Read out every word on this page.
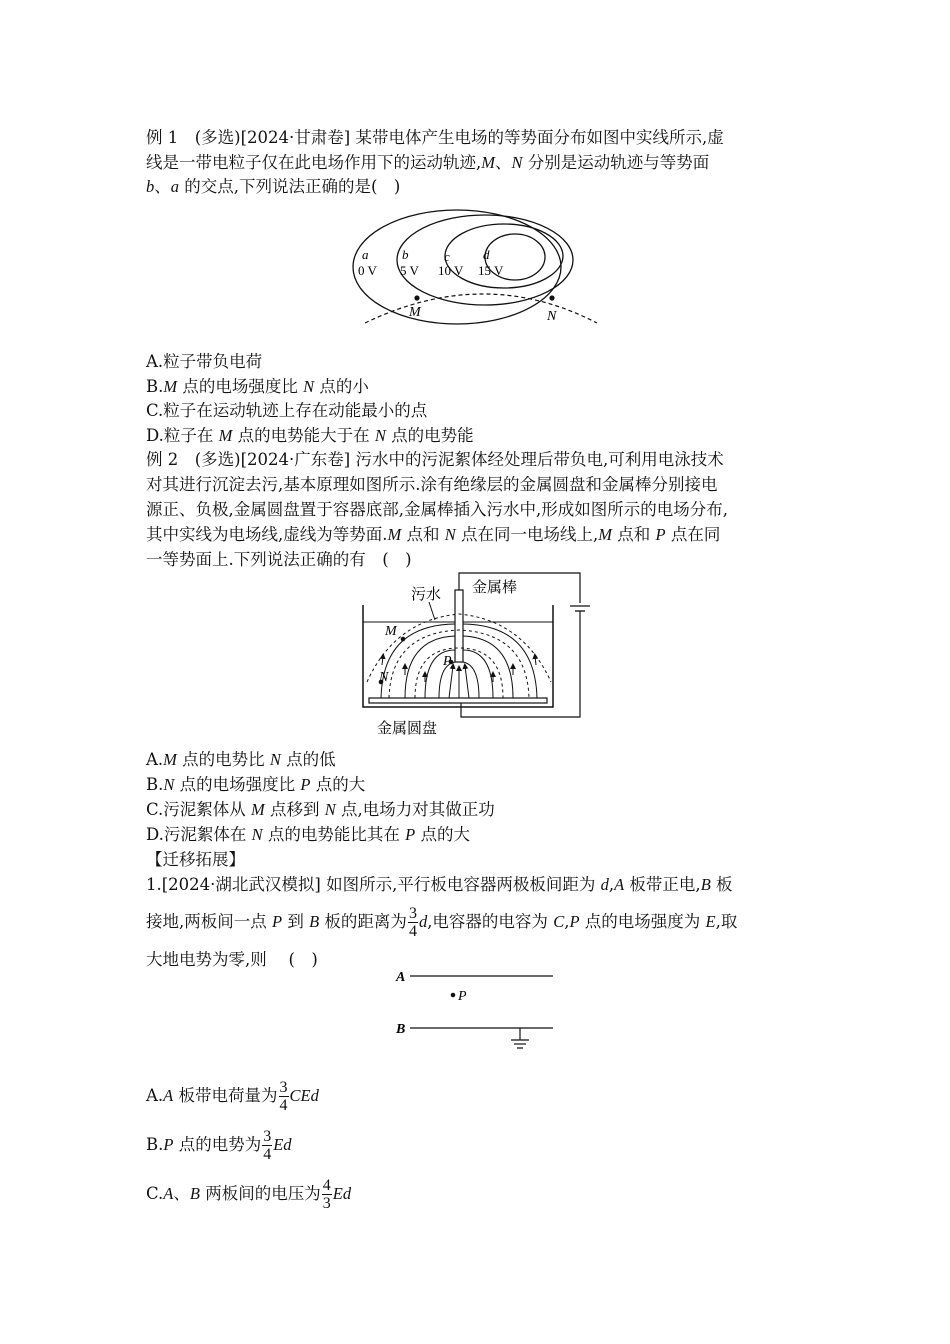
例 1　(多选)[2024·甘肃卷] 某带电体产生电场的等势面分布如图中实线所示,虚
线是一带电粒子仅在此电场作用下的运动轨迹,M、N 分别是运动轨迹与等势面
b、a 的交点,下列说法正确的是(　)
M	N
a
0 V
b
5 V
c
10 V
d
15 V
A.粒子带负电荷
B.M 点的电场强度比 N 点的小
C.粒子在运动轨迹上存在动能最小的点
D.粒子在 M 点的电势能大于在 N 点的电势能
例 2　(多选)[2024·广东卷] 污水中的污泥絮体经处理后带负电,可利用电泳技术
对其进行沉淀去污,基本原理如图所示.涂有绝缘层的金属圆盘和金属棒分别接电
源正、负极,金属圆盘置于容器底部,金属棒插入污水中,形成如图所示的电场分布,
其中实线为电场线,虚线为等势面.M 点和 N 点在同一电场线上,M 点和 P 点在同
一等势面上.下列说法正确的有　(　)
M
N
P
金属棒
污水
金属圆盘
A.M 点的电势比 N 点的低
B.N 点的电场强度比 P 点的大
C.污泥絮体从 M 点移到 N 点,电场力对其做正功
D.污泥絮体在 N 点的电势能比其在 P 点的大
【迁移拓展】
1.[2024·湖北武汉模拟] 如图所示,平行板电容器两极板间距为 d,A 板带正电,B 板
接地,两板间一点 P 到 B 板的距离为 $\frac{3}{4} d$,电容器的电容为 C,P 点的电场强度为 E,取
大地电势为零,则　 (　)
A
P
B
A.A 板带电荷量为 $\frac{3}{4}$ CEd
B.P 点的电势为 $\frac{3}{4}$ Ed
C.A、B 两板间的电压为 $\frac{4}{3}$ Ed
